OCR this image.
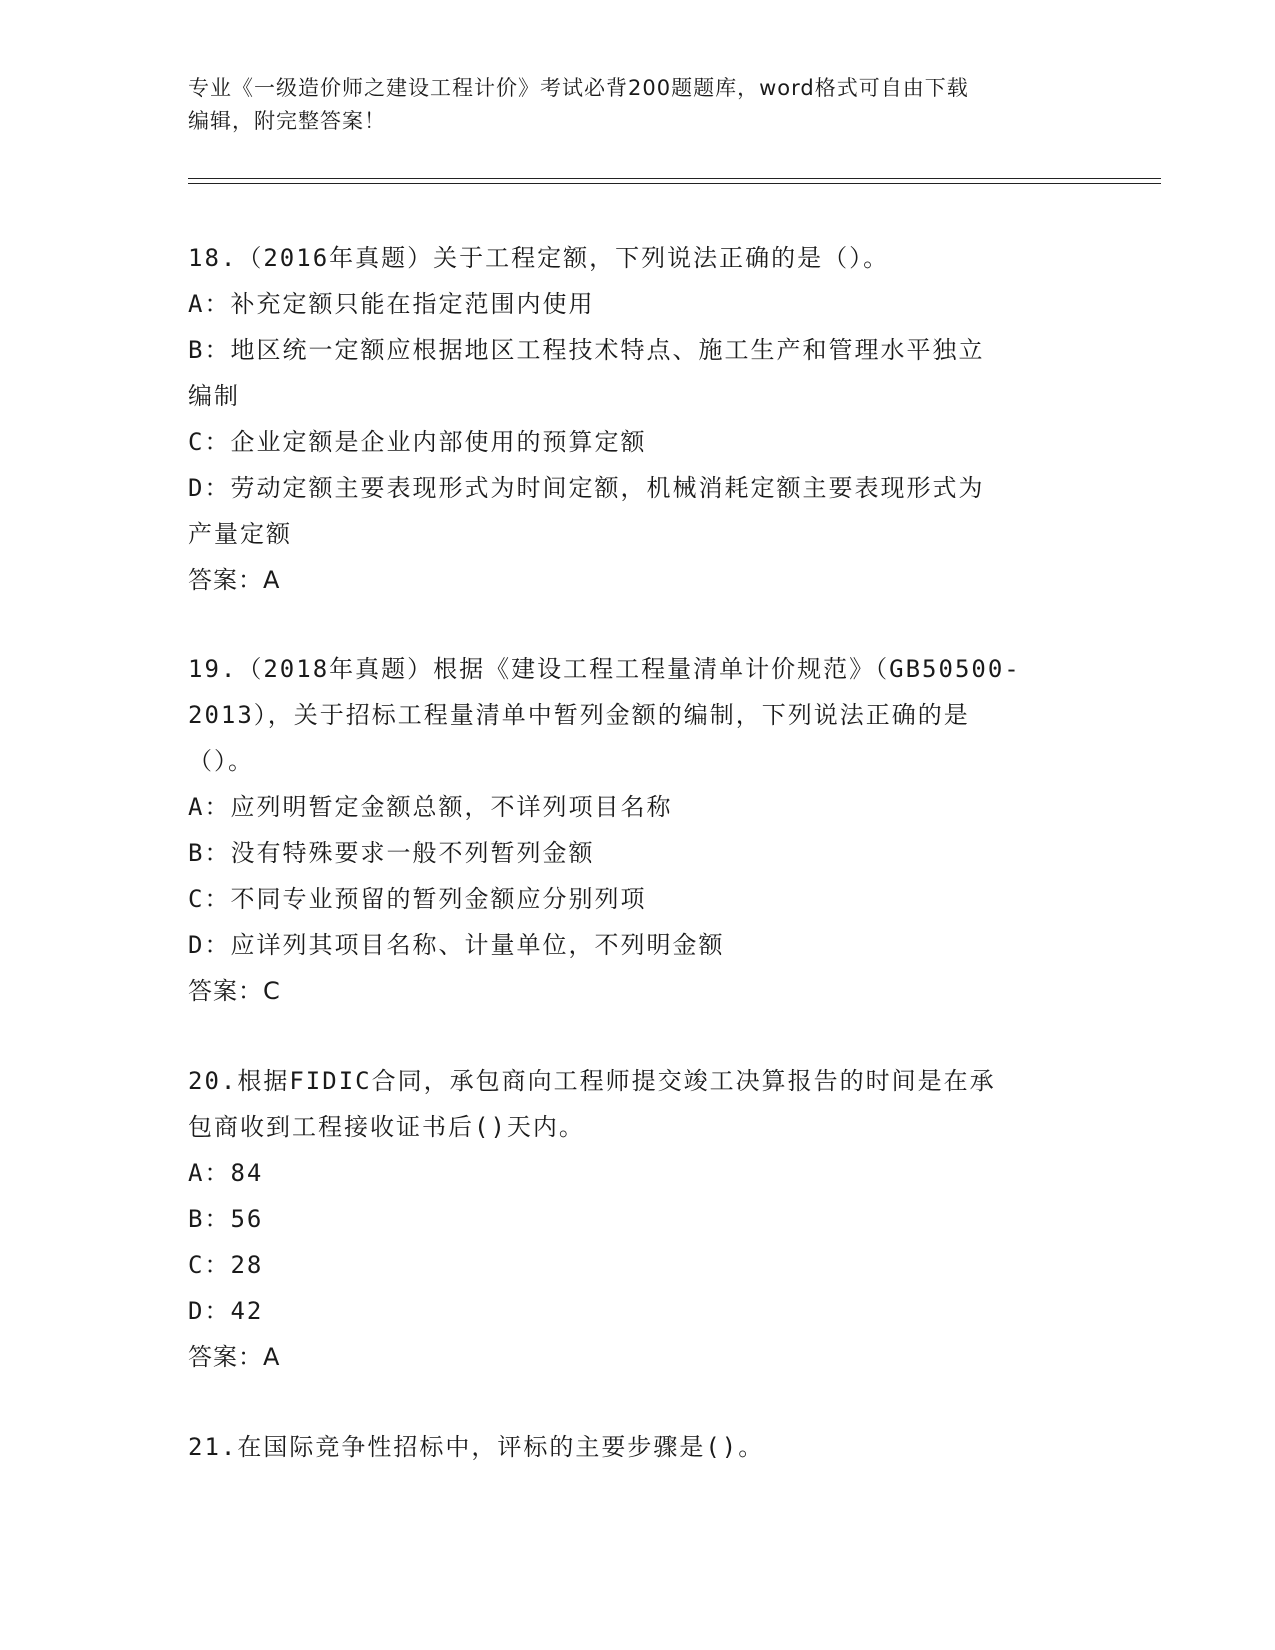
专业《一级造价师之建设工程计价》考试必背200题题库，word格式可自由下载
编辑，附完整答案！
18.（2016年真题）关于工程定额，下列说法正确的是（）。
A：补充定额只能在指定范围内使用
B：地区统一定额应根据地区工程技术特点、施工生产和管理水平独立
编制
C：企业定额是企业内部使用的预算定额
D：劳动定额主要表现形式为时间定额，机械消耗定额主要表现形式为
产量定额
答案：A
19.（2018年真题）根据《建设工程工程量清单计价规范》（GB50500-
2013），关于招标工程量清单中暂列金额的编制，下列说法正确的是
（）。
A：应列明暂定金额总额，不详列项目名称
B：没有特殊要求一般不列暂列金额
C：不同专业预留的暂列金额应分别列项
D：应详列其项目名称、计量单位，不列明金额
答案：C
20.根据FIDIC合同，承包商向工程师提交竣工决算报告的时间是在承
包商收到工程接收证书后()天内。
A：84
B：56
C：28
D：42
答案：A
21.在国际竞争性招标中，评标的主要步骤是()。
